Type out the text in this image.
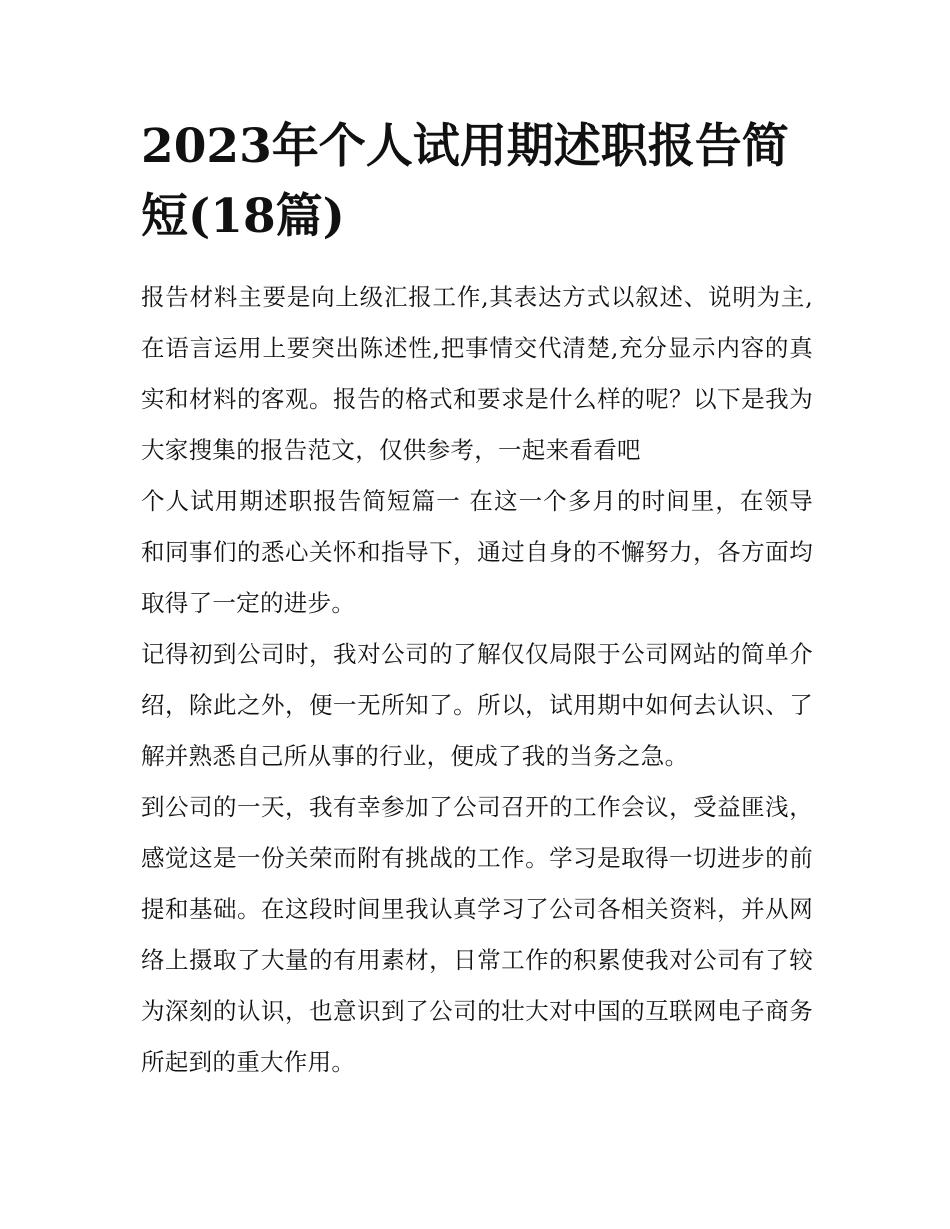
2023年个人试用期述职报告简短(18篇)

报告材料主要是向上级汇报工作,其表达方式以叙述、说明为主,在语言运用上要突出陈述性,把事情交代清楚,充分显示内容的真实和材料的客观。报告的格式和要求是什么样的呢？以下是我为大家搜集的报告范文，仅供参考，一起来看看吧

个人试用期述职报告简短篇一 在这一个多月的时间里，在领导和同事们的悉心关怀和指导下，通过自身的不懈努力，各方面均取得了一定的进步。

记得初到公司时，我对公司的了解仅仅局限于公司网站的简单介绍，除此之外，便一无所知了。所以，试用期中如何去认识、了解并熟悉自己所从事的行业，便成了我的当务之急。

到公司的一天，我有幸参加了公司召开的工作会议，受益匪浅，感觉这是一份关荣而附有挑战的工作。学习是取得一切进步的前提和基础。在这段时间里我认真学习了公司各相关资料，并从网络上摄取了大量的有用素材，日常工作的积累使我对公司有了较为深刻的认识，也意识到了公司的壮大对中国的互联网电子商务所起到的重大作用。
